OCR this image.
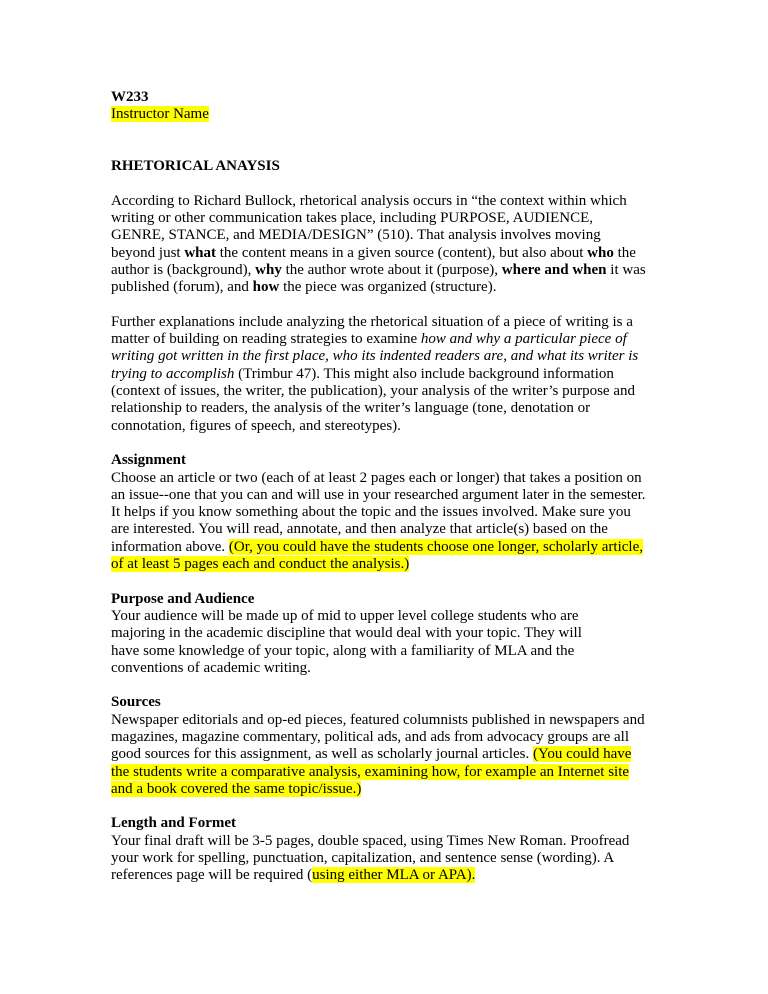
W233
Instructor Name
RHETORICAL ANAYSIS
According to Richard Bullock, rhetorical analysis occurs in “the context within which
writing or other communication takes place, including PURPOSE, AUDIENCE,
GENRE, STANCE, and MEDIA/DESIGN” (510). That analysis involves moving
beyond just what the content means in a given source (content), but also about who the
author is (background), why the author wrote about it (purpose), where and when it was
published (forum), and how the piece was organized (structure).
Further explanations include analyzing the rhetorical situation of a piece of writing is a
matter of building on reading strategies to examine how and why a particular piece of
writing got written in the first place, who its indented readers are, and what its writer is
trying to accomplish (Trimbur 47). This might also include background information
(context of issues, the writer, the publication), your analysis of the writer’s purpose and
relationship to readers, the analysis of the writer’s language (tone, denotation or
connotation, figures of speech, and stereotypes).
Assignment
Choose an article or two (each of at least 2 pages each or longer) that takes a position on
an issue--one that you can and will use in your researched argument later in the semester.
It helps if you know something about the topic and the issues involved. Make sure you
are interested. You will read, annotate, and then analyze that article(s) based on the
information above. (Or, you could have the students choose one longer, scholarly article,
of at least 5 pages each and conduct the analysis.)
Purpose and Audience
Your audience will be made up of mid to upper level college students who are
majoring in the academic discipline that would deal with your topic. They will
have some knowledge of your topic, along with a familiarity of MLA and the
conventions of academic writing.
Sources
Newspaper editorials and op-ed pieces, featured columnists published in newspapers and
magazines, magazine commentary, political ads, and ads from advocacy groups are all
good sources for this assignment, as well as scholarly journal articles. (You could have
the students write a comparative analysis, examining how, for example an Internet site
and a book covered the same topic/issue.)
Length and Formet
Your final draft will be 3-5 pages, double spaced, using Times New Roman. Proofread
your work for spelling, punctuation, capitalization, and sentence sense (wording). A
references page will be required (using either MLA or APA).
